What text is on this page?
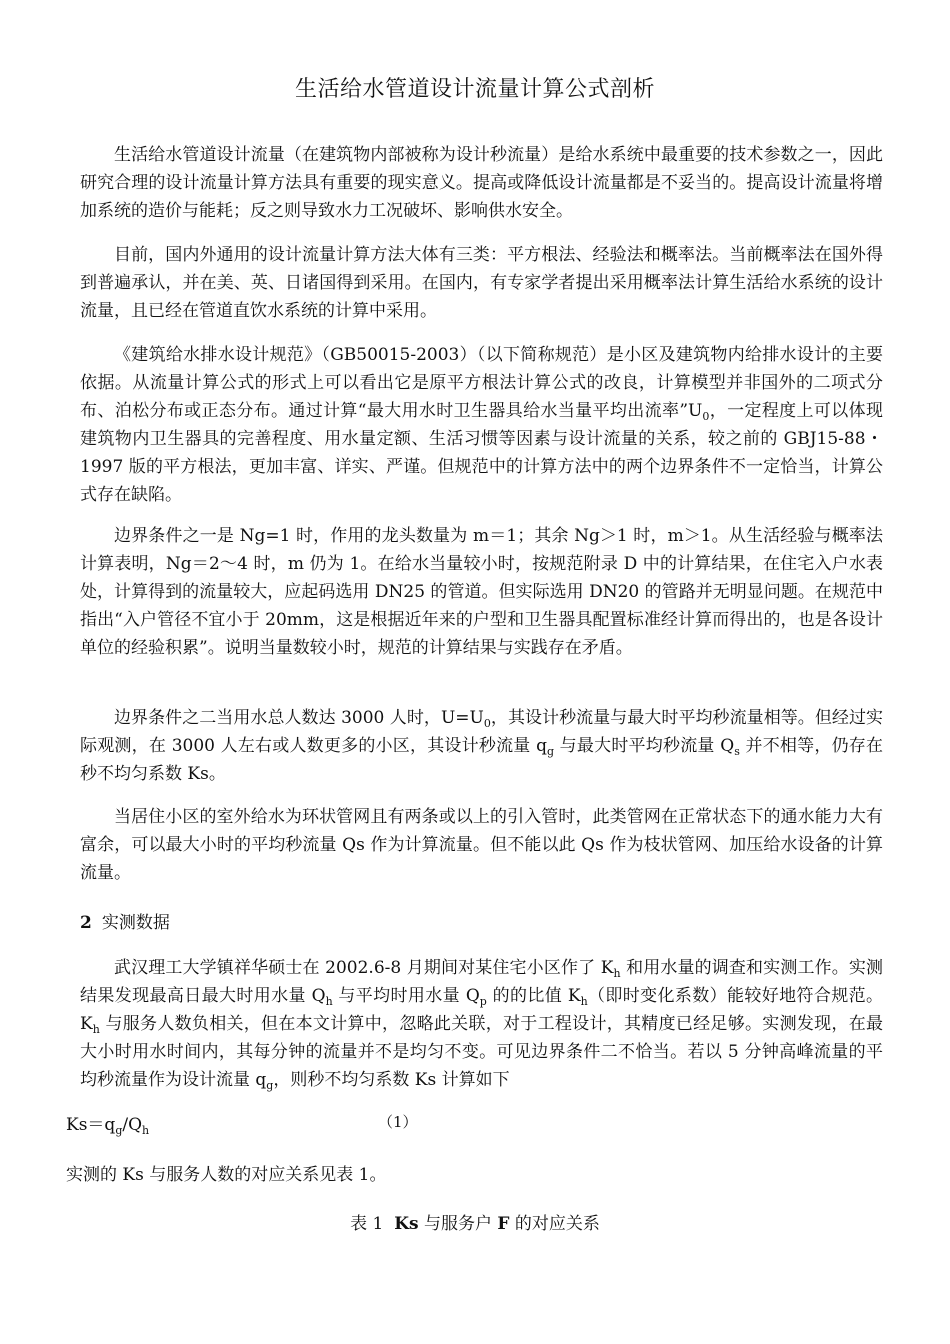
生活给水管道设计流量计算公式剖析

生活给水管道设计流量（在建筑物内部被称为设计秒流量）是给水系统中最重要的技术参数之一，因此研究合理的设计流量计算方法具有重要的现实意义。提高或降低设计流量都是不妥当的。提高设计流量将增加系统的造价与能耗；反之则导致水力工况破坏、影响供水安全。

目前，国内外通用的设计流量计算方法大体有三类：平方根法、经验法和概率法。当前概率法在国外得到普遍承认，并在美、英、日诸国得到采用。在国内，有专家学者提出采用概率法计算生活给水系统的设计流量，且已经在管道直饮水系统的计算中采用。

《建筑给水排水设计规范》（GB50015-2003）（以下简称规范）是小区及建筑物内给排水设计的主要依据。从流量计算公式的形式上可以看出它是原平方根法计算公式的改良，计算模型并非国外的二项式分布、泊松分布或正态分布。通过计算“最大用水时卫生器具给水当量平均出流率$”U_0$，一定程度上可以体现建筑物内卫生器具的完善程度、用水量定额、生活习惯等因素与设计流量的关系，较之前的 GBJ15-88・1997 版的平方根法，更加丰富、详实、严谨。但规范中的计算方法中的两个边界条件不一定恰当，计算公式存在缺陷。

边界条件之一是 Ng=1 时，作用的龙头数量为 m＝1；其余 Ng＞1 时，m＞1。从生活经验与概率法计算表明，Ng＝2～4 时，m 仍为 1。在给水当量较小时，按规范附录 D 中的计算结果，在住宅入户水表处，计算得到的流量较大，应起码选用 DN25 的管道。但实际选用 DN20 的管路并无明显问题。在规范中指出“入户管径不宜小于 20mm，这是根据近年来的户型和卫生器具配置标准经计算而得出的，也是各设计单位的经验积累”。说明当量数较小时，规范的计算结果与实践存在矛盾。

边界条件之二当用水总人数达 3000 人时，$U=U_0$，其设计秒流量与最大时平均秒流量相等。但经过实际观测，在 3000 人左右或人数更多的小区，其设计秒流量 $q_g$ 与最大时平均秒流量 $Q_s$ 并不相等，仍存在秒不均匀系数 Ks。

当居住小区的室外给水为环状管网且有两条或以上的引入管时，此类管网在正常状态下的通水能力大有富余，可以最大小时的平均秒流量 Qs 作为计算流量。但不能以此 Qs 作为枝状管网、加压给水设备的计算流量。

2 实测数据

武汉理工大学镇祥华硕士在 2002.6-8 月期间对某住宅小区作了 $K_h$ 和用水量的调查和实测工作。实测结果发现最高日最大时用水量 $Q_h$ 与平均时用水量 $Q_p$ 的的比值 $K_h$（即时变化系数）能较好地符合规范。$K_h$ 与服务人数负相关，但在本文计算中，忽略此关联，对于工程设计，其精度已经足够。实测发现，在最大小时用水时间内，其每分钟的流量并不是均匀不变。可见边界条件二不恰当。若以 5 分钟高峰流量的平均秒流量作为设计流量 $q_g$，则秒不均匀系数 Ks 计算如下

$Ks=q_g/Q_h$	（1）
实测的 Ks 与服务人数的对应关系见表 1。
表 1 Ks 与服务户 F 的对应关系
